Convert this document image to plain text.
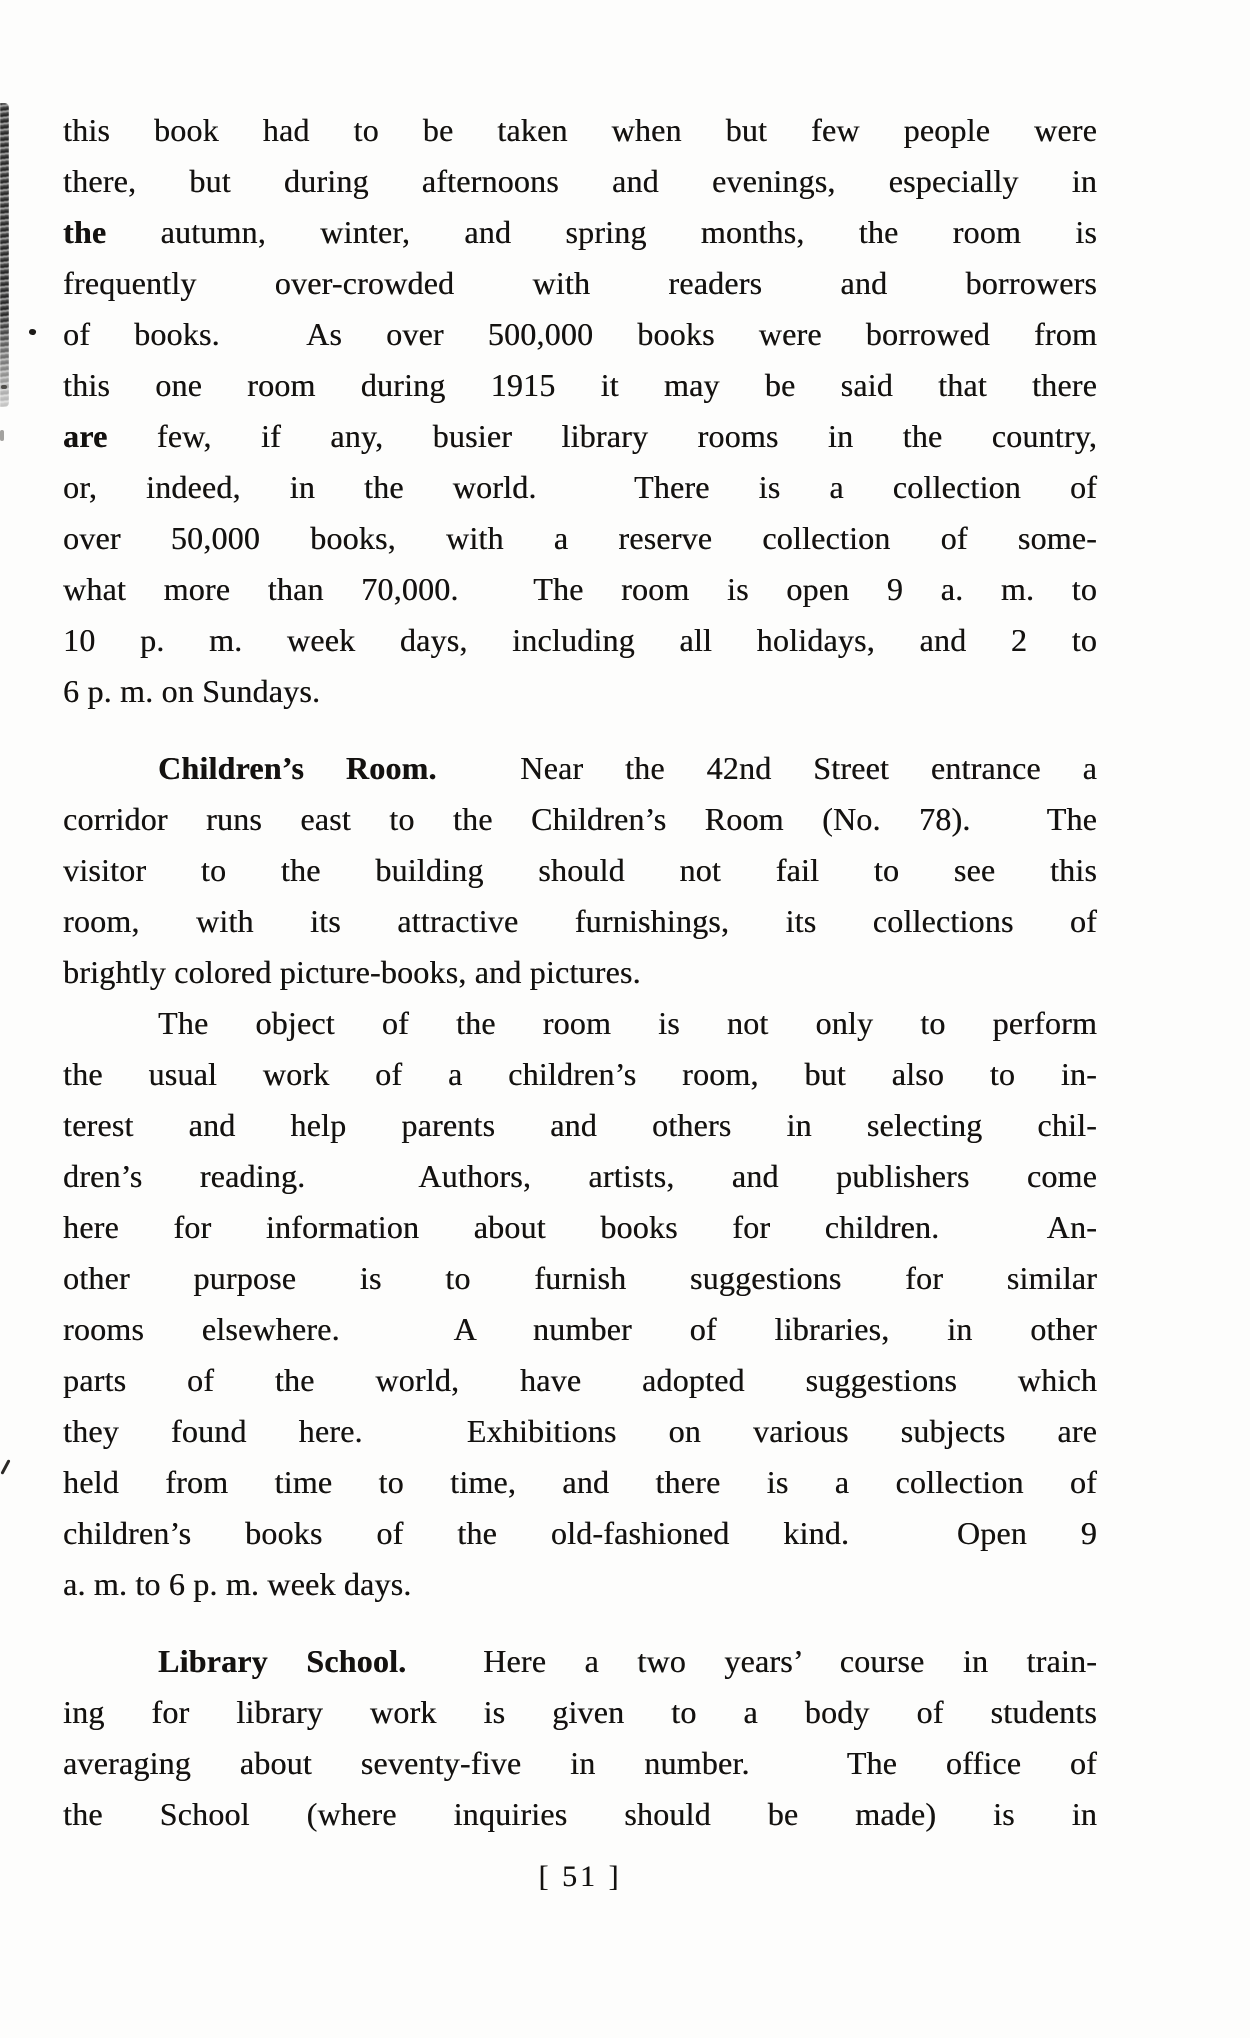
this book had to be taken when but few people were
there, but during afternoons and evenings, especially in
the autumn, winter, and spring months, the room is
frequently over-crowded with readers and borrowers
of books.  As over 500,000 books were borrowed from
this one room during 1915 it may be said that there
are few, if any, busier library rooms in the country,
or, indeed, in the world.  There is a collection of
over 50,000 books, with a reserve collection of some-
what more than 70,000.  The room is open 9 a. m. to
10 p. m. week days, including all holidays, and 2 to
6 p. m. on Sundays.
Children’s Room.  Near the 42nd Street entrance a
corridor runs east to the Children’s Room (No. 78).  The
visitor to the building should not fail to see this
room, with its attractive furnishings, its collections of
brightly colored picture-books, and pictures.
The object of the room is not only to perform
the usual work of a children’s room, but also to in-
terest and help parents and others in selecting chil-
dren’s reading.  Authors, artists, and publishers come
here for information about books for children.  An-
other purpose is to furnish suggestions for similar
rooms elsewhere.  A number of libraries, in other
parts of the world, have adopted suggestions which
they found here.  Exhibitions on various subjects are
held from time to time, and there is a collection of
children’s books of the old-fashioned kind.  Open 9
a. m. to 6 p. m. week days.
Library School.  Here a two years’ course in train-
ing for library work is given to a body of students
averaging about seventy-five in number.  The office of
the School (where inquiries should be made) is in
[ 51 ]
